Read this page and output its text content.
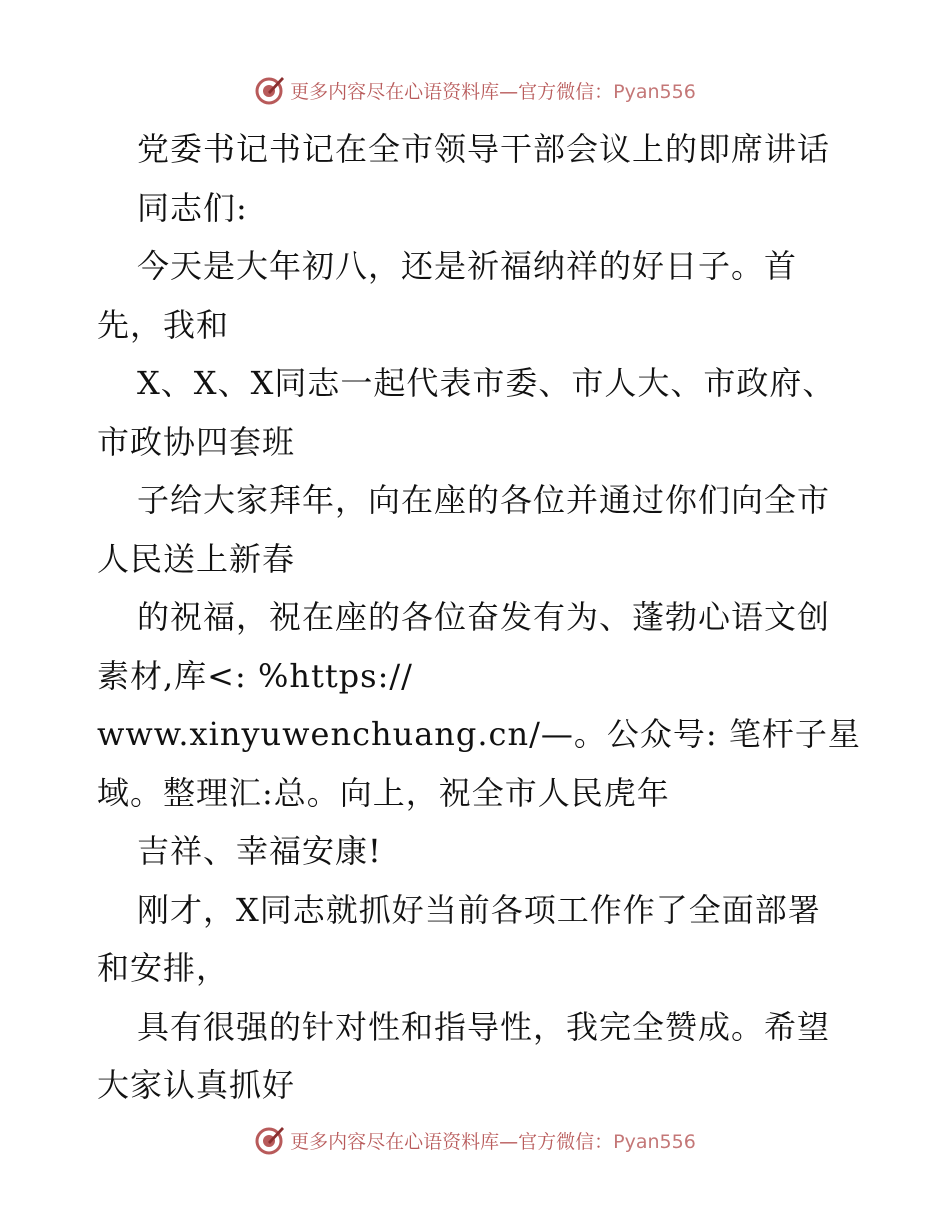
更多内容尽在心语资料库—官方微信：Pyan556
党委书记书记在全市领导干部会议上的即席讲话
同志们:
今天是大年初八，还是祈福纳祥的好日子。首
先，我和
X、X、X同志一起代表市委、市人大、市政府、
市政协四套班
子给大家拜年，向在座的各位并通过你们向全市
人民送上新春
的祝福，祝在座的各位奋发有为、蓬勃心语文创
素材,库<: %https://
www.xinyuwenchuang.cn/—。公众号: 笔杆子星
域。整理汇:总。向上，祝全市人民虎年
吉祥、幸福安康!
刚才，X同志就抓好当前各项工作作了全面部署
和安排，
具有很强的针对性和指导性，我完全赞成。希望
大家认真抓好
更多内容尽在心语资料库—官方微信：Pyan556
